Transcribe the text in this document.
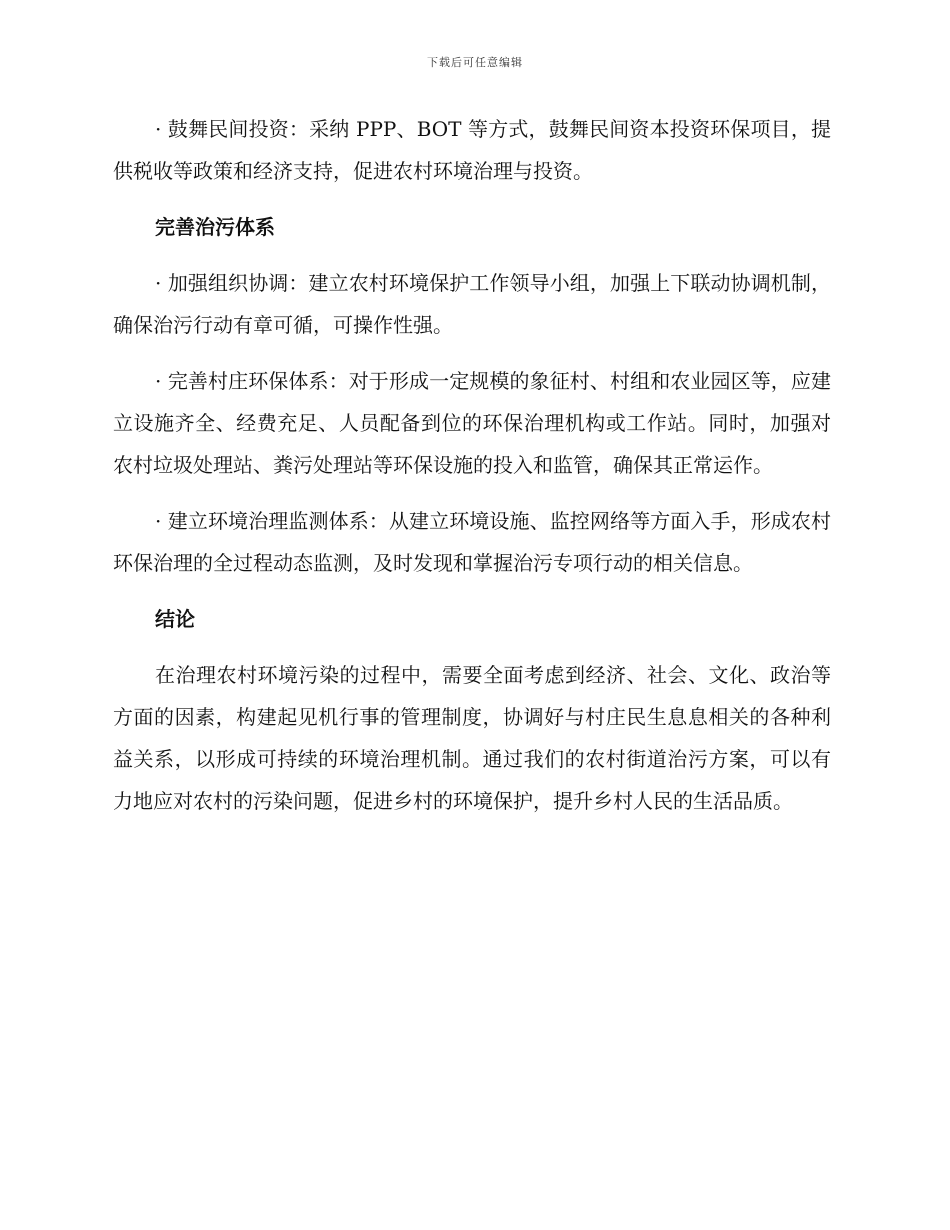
下载后可任意编辑

· 鼓舞民间投资：采纳 PPP、BOT 等方式，鼓舞民间资本投资环保项目，提供税收等政策和经济支持，促进农村环境治理与投资。

完善治污体系

· 加强组织协调：建立农村环境保护工作领导小组，加强上下联动协调机制，确保治污行动有章可循，可操作性强。

· 完善村庄环保体系：对于形成一定规模的象征村、村组和农业园区等，应建立设施齐全、经费充足、人员配备到位的环保治理机构或工作站。同时，加强对农村垃圾处理站、粪污处理站等环保设施的投入和监管，确保其正常运作。

· 建立环境治理监测体系：从建立环境设施、监控网络等方面入手，形成农村环保治理的全过程动态监测，及时发现和掌握治污专项行动的相关信息。

结论

在治理农村环境污染的过程中，需要全面考虑到经济、社会、文化、政治等方面的因素，构建起见机行事的管理制度，协调好与村庄民生息息相关的各种利益关系，以形成可持续的环境治理机制。通过我们的农村街道治污方案，可以有力地应对农村的污染问题，促进乡村的环境保护，提升乡村人民的生活品质。
